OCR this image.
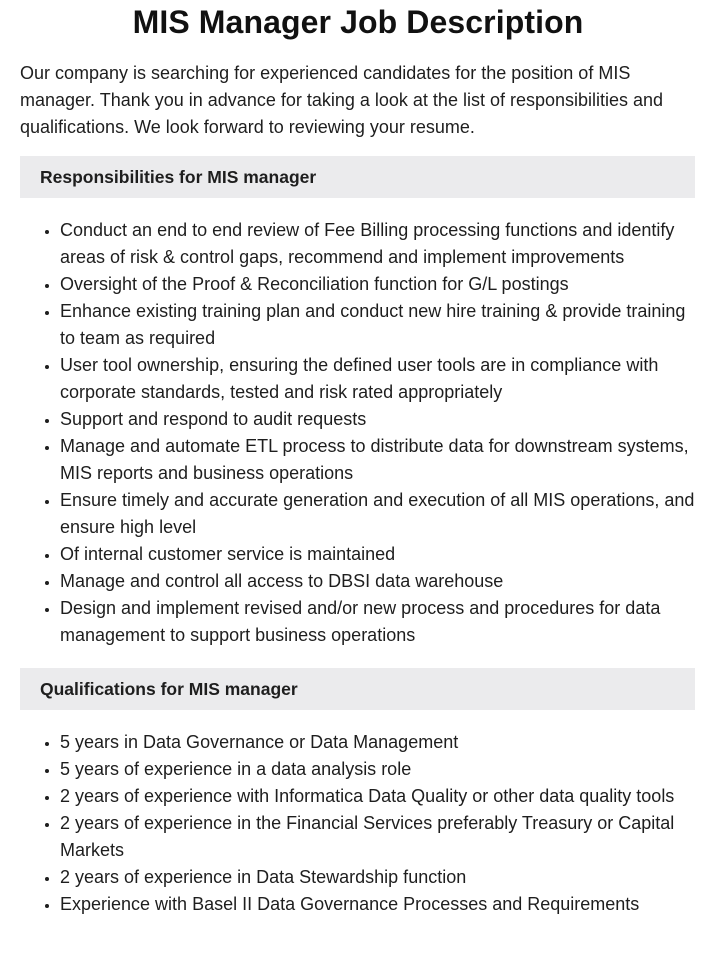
MIS Manager Job Description

Our company is searching for experienced candidates for the position of MIS manager. Thank you in advance for taking a look at the list of responsibilities and qualifications. We look forward to reviewing your resume.

Responsibilities for MIS manager
• Conduct an end to end review of Fee Billing processing functions and identify areas of risk & control gaps, recommend and implement improvements
• Oversight of the Proof & Reconciliation function for G/L postings
• Enhance existing training plan and conduct new hire training & provide training to team as required
• User tool ownership, ensuring the defined user tools are in compliance with corporate standards, tested and risk rated appropriately
• Support and respond to audit requests
• Manage and automate ETL process to distribute data for downstream systems, MIS reports and business operations
• Ensure timely and accurate generation and execution of all MIS operations, and ensure high level
• Of internal customer service is maintained
• Manage and control all access to DBSI data warehouse
• Design and implement revised and/or new process and procedures for data management to support business operations
Qualifications for MIS manager
• 5 years in Data Governance or Data Management
• 5 years of experience in a data analysis role
• 2 years of experience with Informatica Data Quality or other data quality tools
• 2 years of experience in the Financial Services preferably Treasury or Capital Markets
• 2 years of experience in Data Stewardship function
• Experience with Basel II Data Governance Processes and Requirements
